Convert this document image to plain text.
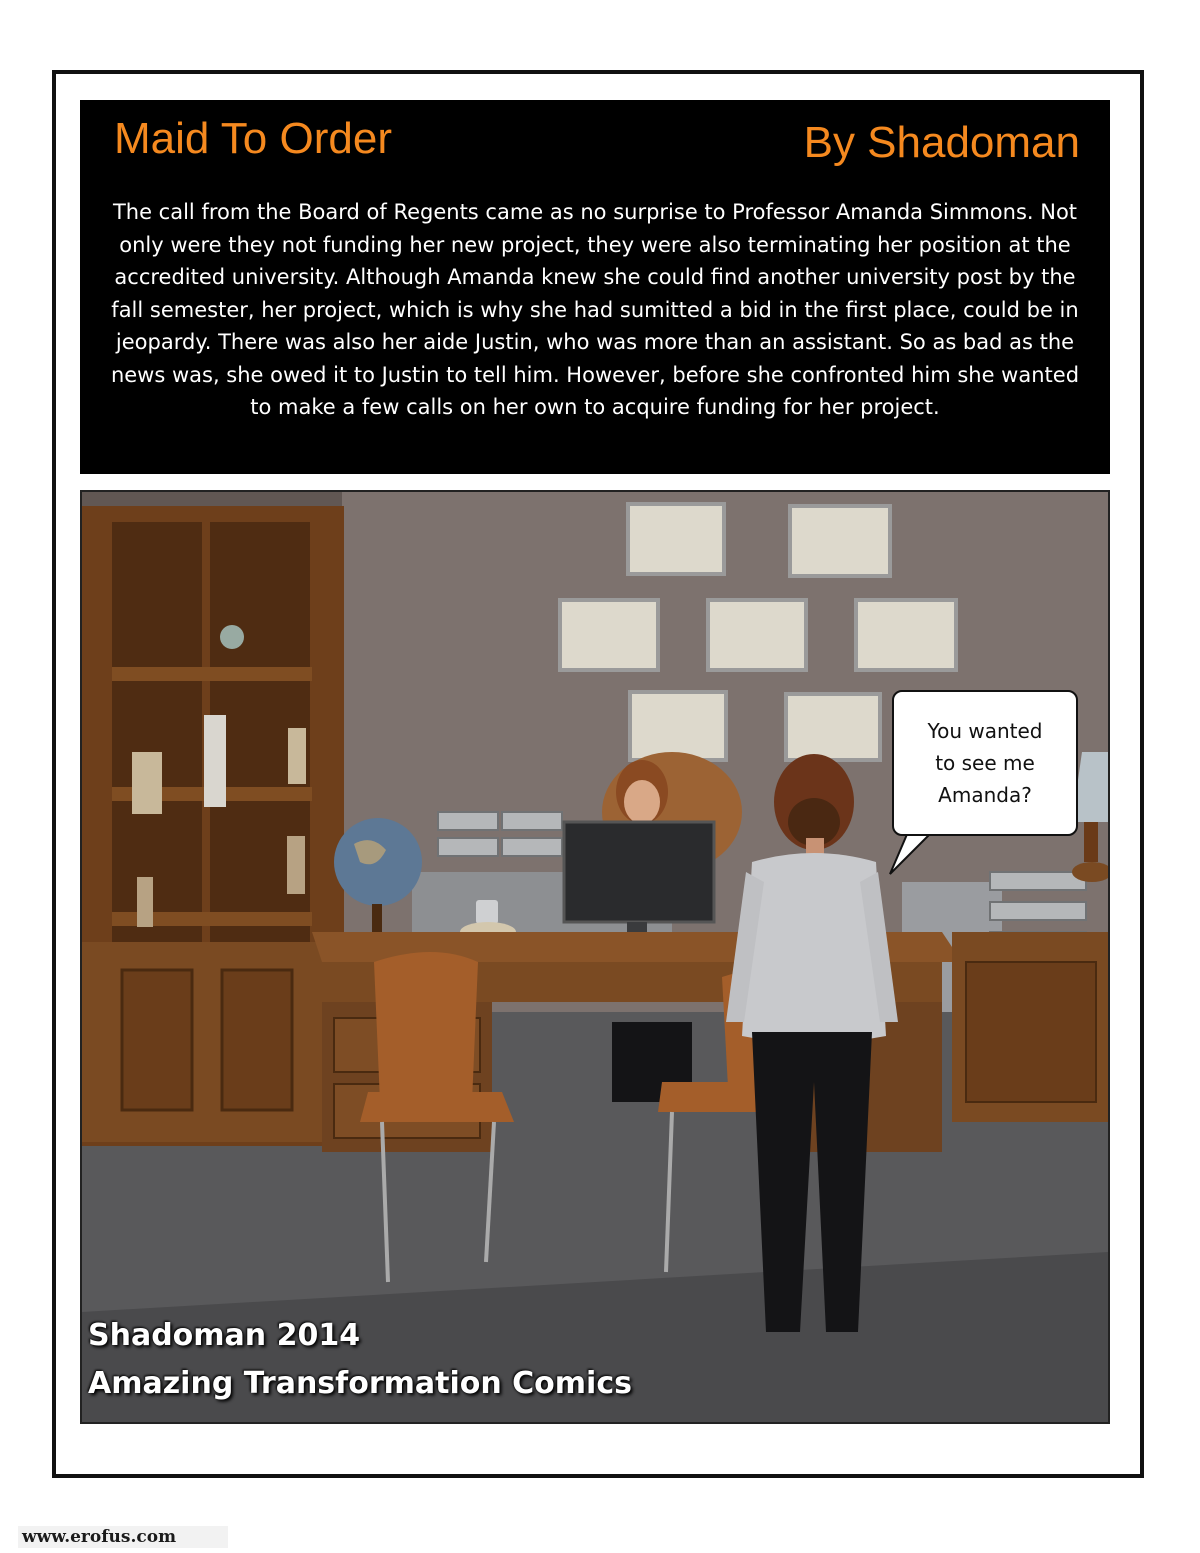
Maid To Order	By Shadoman

The call from the Board of Regents came as no surprise to Professor Amanda Simmons. Not only were they not funding her new project, they were also terminating her position at the accredited university. Although Amanda knew she could find another university post by the fall semester, her project, which is why she had sumitted a bid in the first place, could be in jeopardy. There was also her aide Justin, who was more than an assistant. So as bad as the news was, she owed it to Justin to tell him. However, before she confronted him she wanted to make a few calls on her own to acquire funding for her project.

You wanted
to see me
Amanda?
Shadoman 2014
Amazing Transformation Comics
www.erofus.com
